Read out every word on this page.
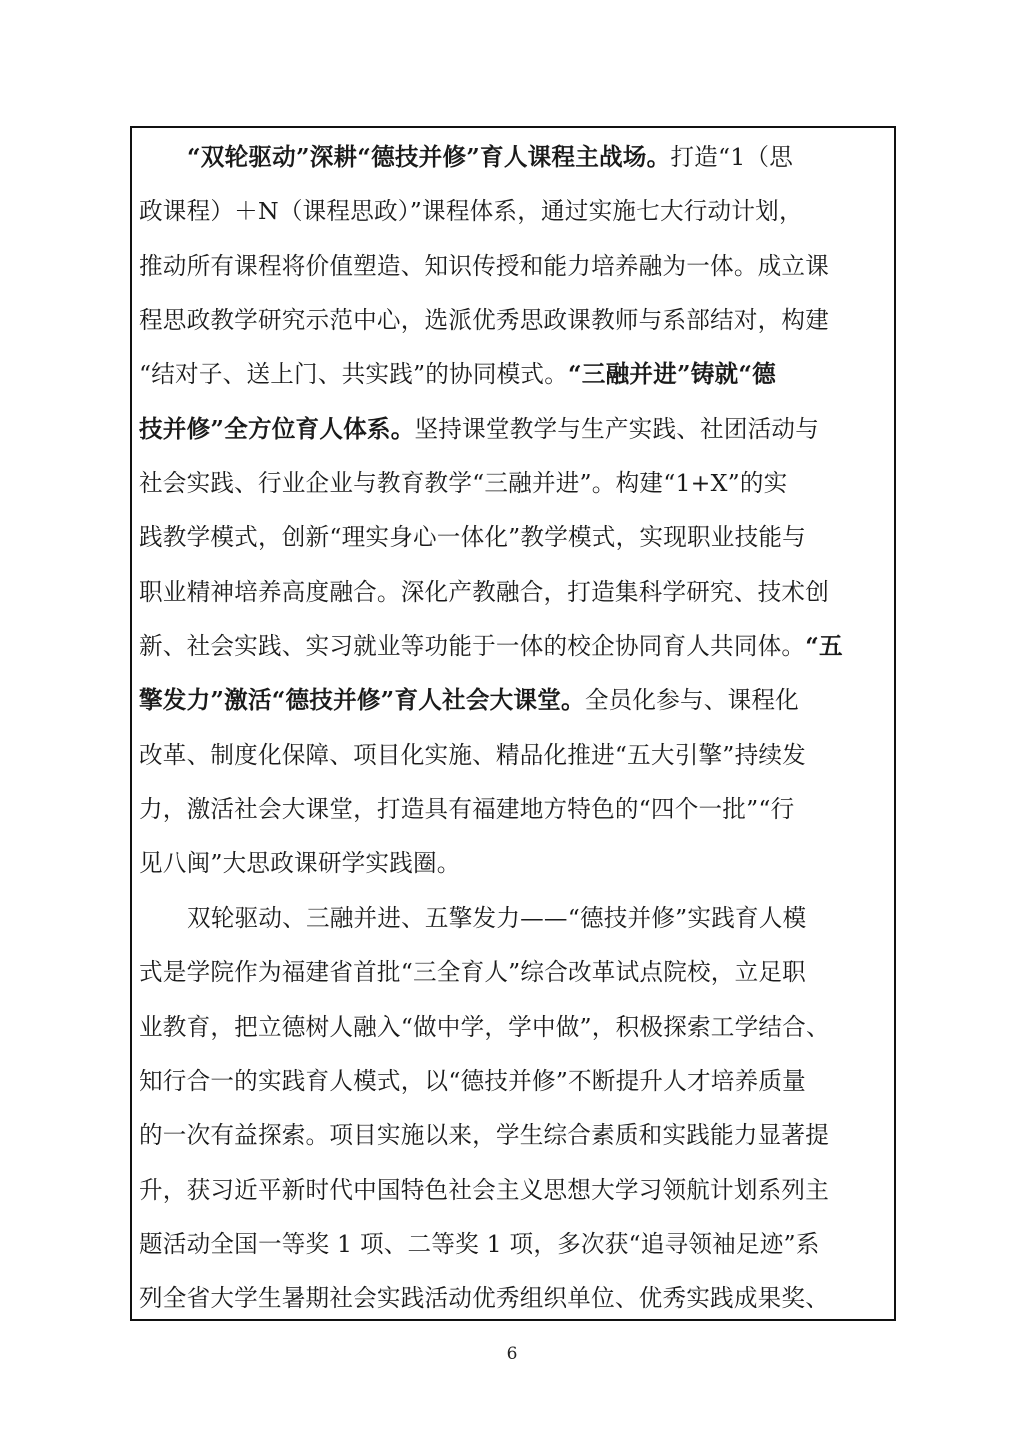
“双轮驱动”深耕“德技并修”育人课程主战场。打造“1（思
政课程）＋N（课程思政）”课程体系，通过实施七大行动计划，
推动所有课程将价值塑造、知识传授和能力培养融为一体。成立课
程思政教学研究示范中心，选派优秀思政课教师与系部结对，构建
“结对子、送上门、共实践”的协同模式。“三融并进”铸就“德
技并修”全方位育人体系。坚持课堂教学与生产实践、社团活动与
社会实践、行业企业与教育教学“三融并进”。构建“1+X”的实
践教学模式，创新“理实身心一体化”教学模式，实现职业技能与
职业精神培养高度融合。深化产教融合，打造集科学研究、技术创
新、社会实践、实习就业等功能于一体的校企协同育人共同体。“五
擎发力”激活“德技并修”育人社会大课堂。全员化参与、课程化
改革、制度化保障、项目化实施、精品化推进“五大引擎”持续发
力，激活社会大课堂，打造具有福建地方特色的“四个一批”“行
见八闽”大思政课研学实践圈。

双轮驱动、三融并进、五擎发力——“德技并修”实践育人模
式是学院作为福建省首批“三全育人”综合改革试点院校，立足职
业教育，把立德树人融入“做中学，学中做”，积极探索工学结合、
知行合一的实践育人模式，以“德技并修”不断提升人才培养质量
的一次有益探索。项目实施以来，学生综合素质和实践能力显著提
升，获习近平新时代中国特色社会主义思想大学习领航计划系列主
题活动全国一等奖 1 项、二等奖 1 项，多次获“追寻领袖足迹”系
列全省大学生暑期社会实践活动优秀组织单位、优秀实践成果奖、

6
